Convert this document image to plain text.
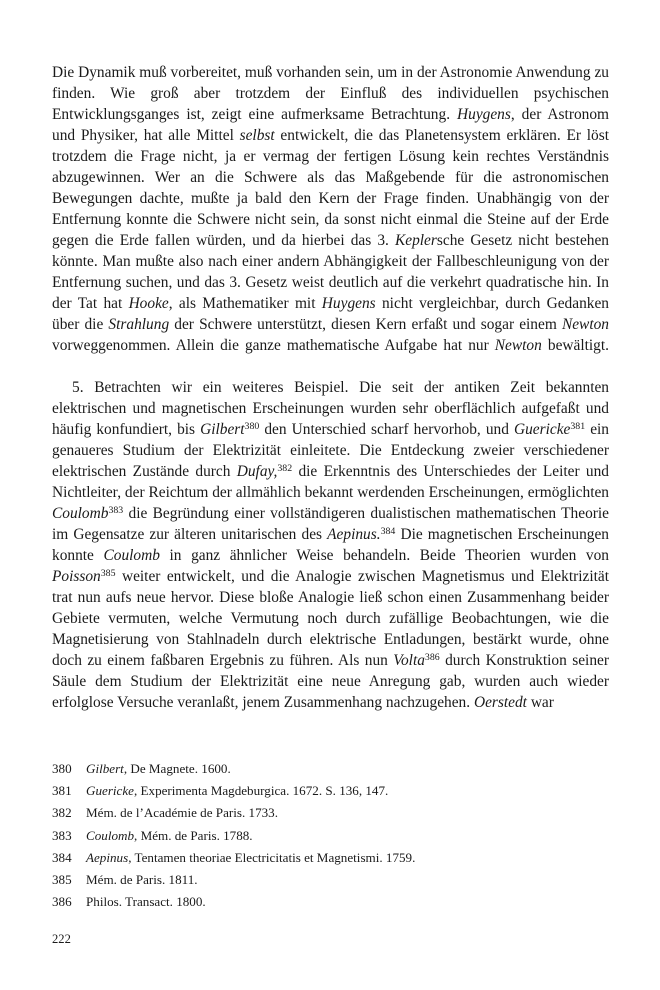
Die Dynamik muß vorbereitet, muß vorhanden sein, um in der Astronomie Anwendung zu finden. Wie groß aber trotzdem der Einfluß des individuellen psychischen Entwicklungsganges ist, zeigt eine aufmerksame Betrachtung. Huygens, der Astronom und Physiker, hat alle Mittel selbst entwickelt, die das Planetensystem erklären. Er löst trotzdem die Frage nicht, ja er vermag der fertigen Lösung kein rechtes Verständnis abzugewinnen. Wer an die Schwere als das Maßgebende für die astronomischen Bewegungen dachte, mußte ja bald den Kern der Frage finden. Unabhängig von der Entfernung konnte die Schwere nicht sein, da sonst nicht einmal die Steine auf der Erde gegen die Erde fallen würden, und da hierbei das 3. Keplersche Gesetz nicht bestehen könnte. Man mußte also nach einer andern Abhängigkeit der Fallbeschleunigung von der Entfernung suchen, und das 3. Gesetz weist deutlich auf die verkehrt quadratische hin. In der Tat hat Hooke, als Mathematiker mit Huygens nicht vergleichbar, durch Gedanken über die Strahlung der Schwere unterstützt, diesen Kern erfaßt und sogar einem Newton vorweggenommen. Allein die ganze mathematische Aufgabe hat nur Newton bewältigt.

5. Betrachten wir ein weiteres Beispiel. Die seit der antiken Zeit bekannten elektrischen und magnetischen Erscheinungen wurden sehr oberflächlich aufgefaßt und häufig konfundiert, bis Gilbert$^{380}$ den Unterschied scharf hervorhob, und Guericke$^{381}$ ein genaueres Studium der Elektrizität einleitete. Die Entdeckung zweier verschiedener elektrischen Zustände durch Dufay,$^{382}$ die Erkenntnis des Unterschiedes der Leiter und Nichtleiter, der Reichtum der allmählich bekannt werdenden Erscheinungen, ermöglichten Coulomb$^{383}$ die Begründung einer vollständigeren dualistischen mathematischen Theorie im Gegensatze zur älteren unitarischen des Aepinus.$^{384}$ Die magnetischen Erscheinungen konnte Coulomb in ganz ähnlicher Weise behandeln. Beide Theorien wurden von Poisson$^{385}$ weiter entwickelt, und die Analogie zwischen Magnetismus und Elektrizität trat nun aufs neue hervor. Diese bloße Analogie ließ schon einen Zusammenhang beider Gebiete vermuten, welche Vermutung noch durch zufällige Beobachtungen, wie die Magnetisierung von Stahlnadeln durch elektrische Entladungen, bestärkt wurde, ohne doch zu einem faßbaren Ergebnis zu führen. Als nun Volta$^{386}$ durch Konstruktion seiner Säule dem Studium der Elektrizität eine neue Anregung gab, wurden auch wieder erfolglose Versuche veranlaßt, jenem Zusammenhang nachzugehen. Oerstedt war

380	Gilbert, De Magnete. 1600.
381	Guericke, Experimenta Magdeburgica. 1672. S. 136, 147.
382	Mém. de l’Académie de Paris. 1733.
383	Coulomb, Mém. de Paris. 1788.
384	Aepinus, Tentamen theoriae Electricitatis et Magnetismi. 1759.
385	Mém. de Paris. 1811.
386	Philos. Transact. 1800.
222
